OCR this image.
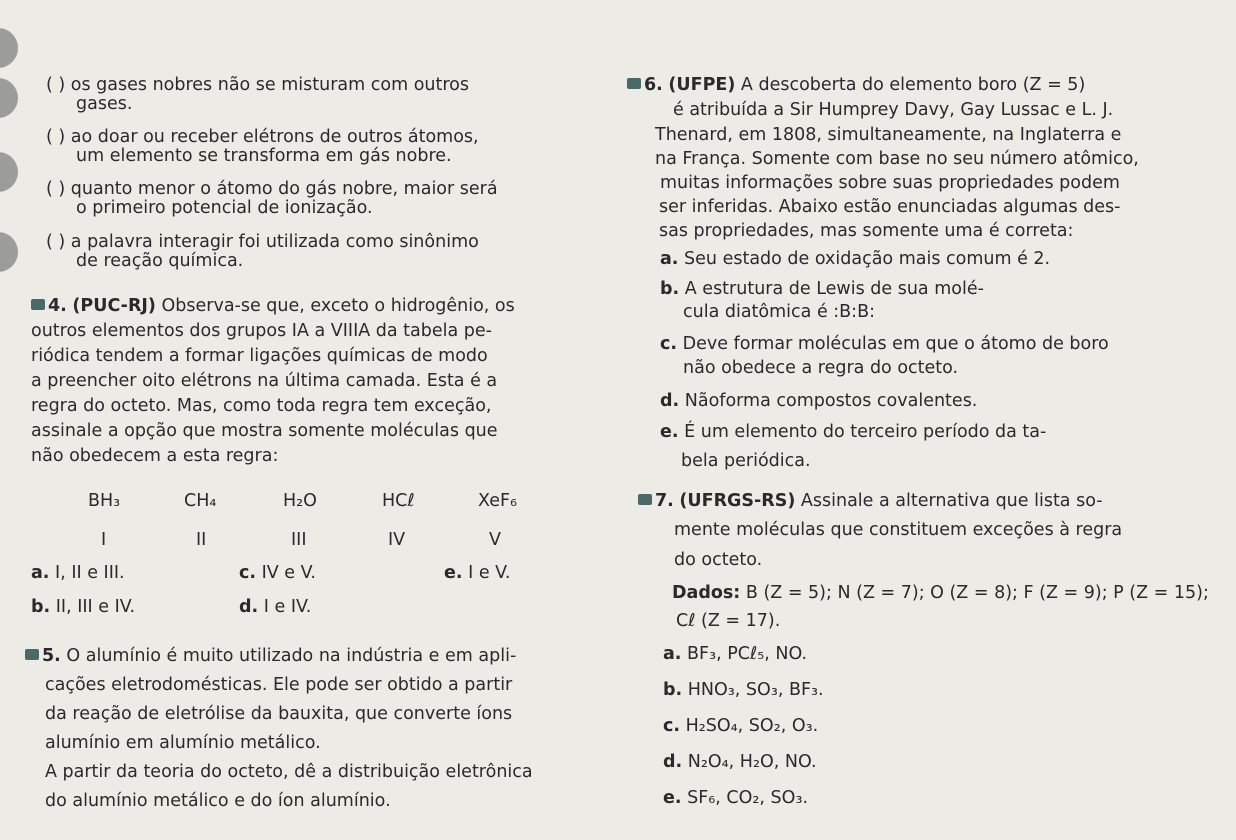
( ) os gases nobres não se misturam com outros
gases.
( ) ao doar ou receber elétrons de outros átomos,
um elemento se transforma em gás nobre.
( ) quanto menor o átomo do gás nobre, maior será
o primeiro potencial de ionização.
( ) a palavra interagir foi utilizada como sinônimo
de reação química.
4. (PUC-RJ) Observa-se que, exceto o hidrogênio, os
outros elementos dos grupos IA a VIIIA da tabela pe-
riódica tendem a formar ligações químicas de modo
a preencher oito elétrons na última camada. Esta é a
regra do octeto. Mas, como toda regra tem exceção,
assinale a opção que mostra somente moléculas que
não obedecem a esta regra:
BH₃	CH₄	H₂O	HCℓ	XeF₆
I	II	III	IV	V
a. I, II e III.	c. IV e V.	e. I e V.
b. II, III e IV.	d. I e IV.
5. O alumínio é muito utilizado na indústria e em apli-
cações eletrodomésticas. Ele pode ser obtido a partir
da reação de eletrólise da bauxita, que converte íons
alumínio em alumínio metálico.
A partir da teoria do octeto, dê a distribuição eletrônica
do alumínio metálico e do íon alumínio.
6. (UFPE) A descoberta do elemento boro (Z = 5)
é atribuída a Sir Humprey Davy, Gay Lussac e L. J.
Thenard, em 1808, simultaneamente, na Inglaterra e
na França. Somente com base no seu número atômico,
muitas informações sobre suas propriedades podem
ser inferidas. Abaixo estão enunciadas algumas des-
sas propriedades, mas somente uma é correta:
a. Seu estado de oxidação mais comum é 2.
b. A estrutura de Lewis de sua molé-
cula diatômica é :B:B:
c. Deve formar moléculas em que o átomo de boro
não obedece a regra do octeto.
d. Nãoforma compostos covalentes.
e. É um elemento do terceiro período da ta-
bela periódica.
7. (UFRGS-RS) Assinale a alternativa que lista so-
mente moléculas que constituem exceções à regra
do octeto.
Dados: B (Z = 5); N (Z = 7); O (Z = 8); F (Z = 9); P (Z = 15);
Cℓ (Z = 17).
a. BF₃, PCℓ₅, NO.
b. HNO₃, SO₃, BF₃.
c. H₂SO₄, SO₂, O₃.
d. N₂O₄, H₂O, NO.
e. SF₆, CO₂, SO₃.
